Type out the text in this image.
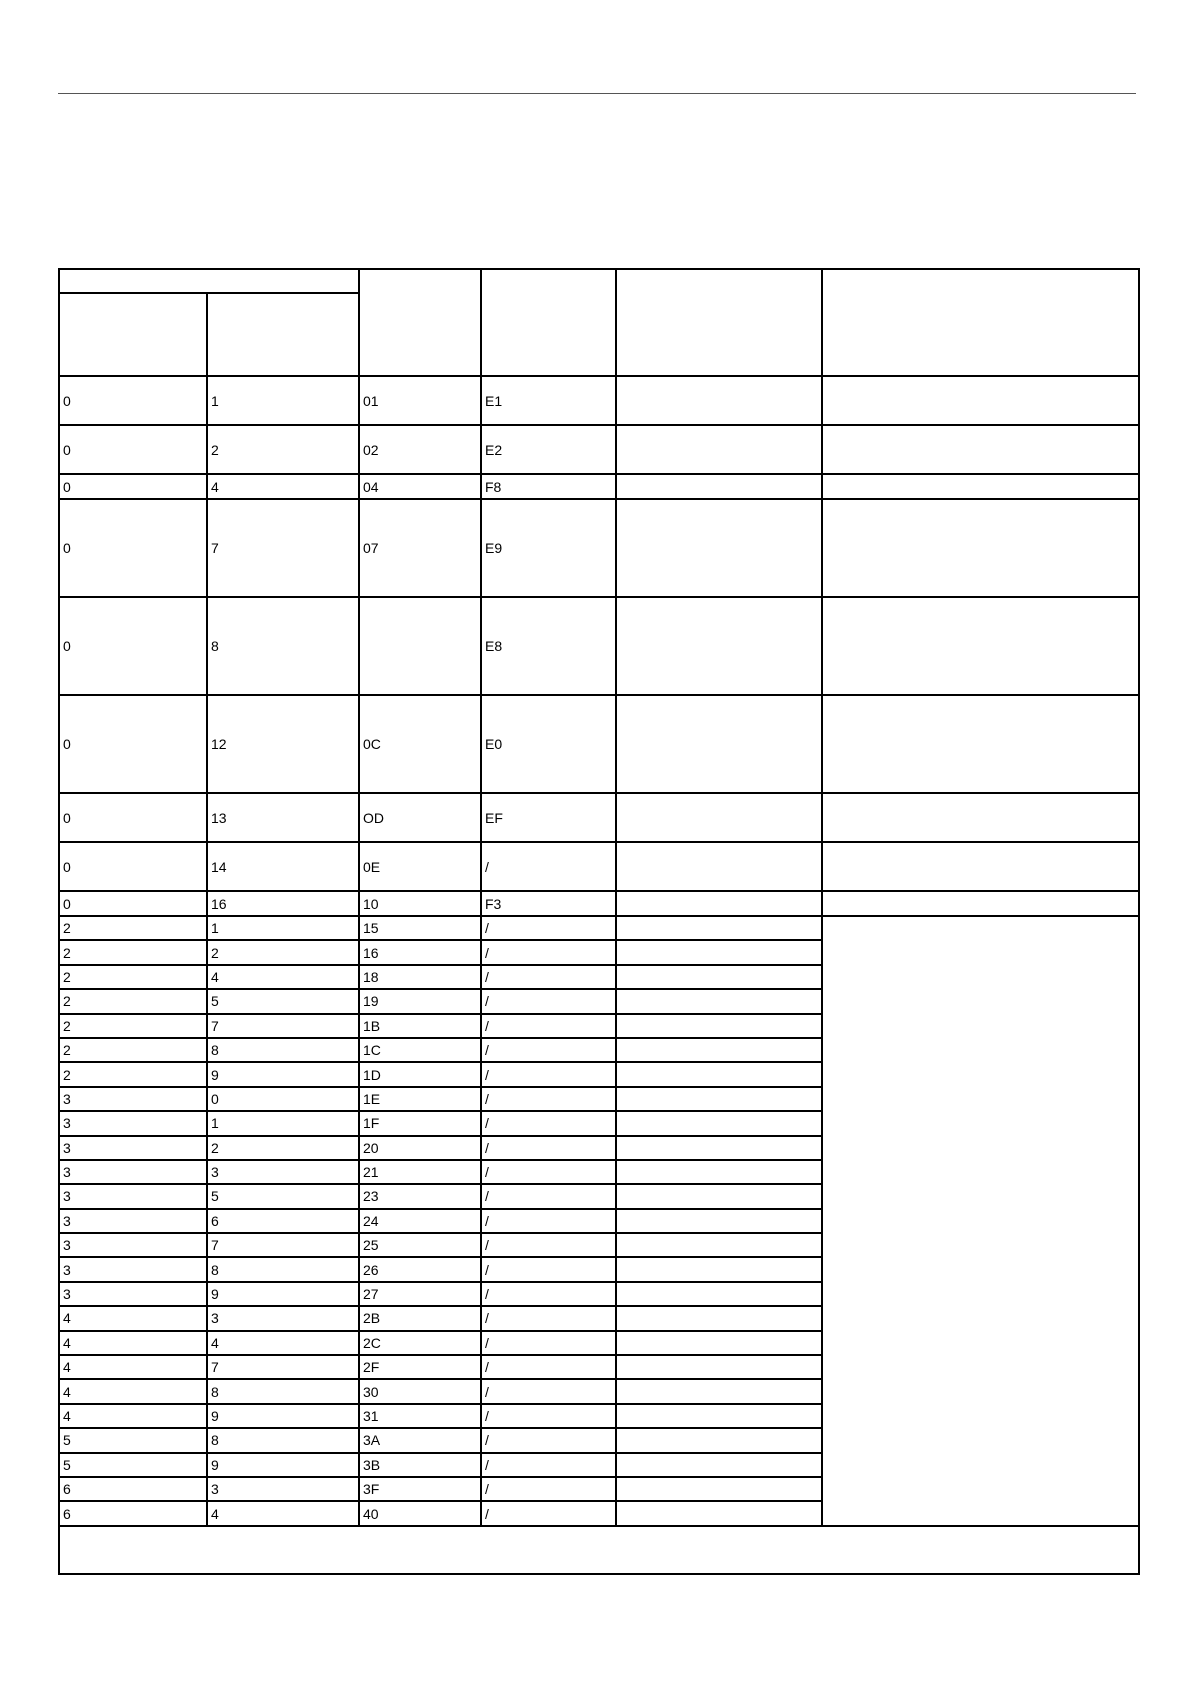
0	1	01	E1		
0	2	02	E2		
0	4	04	F8		
0	7	07	E9		
0	8		E8		
0	12	0C	E0		
0	13	OD	EF		
0	14	0E	/		
0	16	10	F3		
2	1	15	/		
2	2	16	/		
2	4	18	/		
2	5	19	/		
2	7	1B	/		
2	8	1C	/		
2	9	1D	/		
3	0	1E	/		
3	1	1F	/		
3	2	20	/		
3	3	21	/		
3	5	23	/		
3	6	24	/		
3	7	25	/		
3	8	26	/		
3	9	27	/		
4	3	2B	/		
4	4	2C	/		
4	7	2F	/		
4	8	30	/		
4	9	31	/		
5	8	3A	/		
5	9	3B	/		
6	3	3F	/		
6	4	40	/		
